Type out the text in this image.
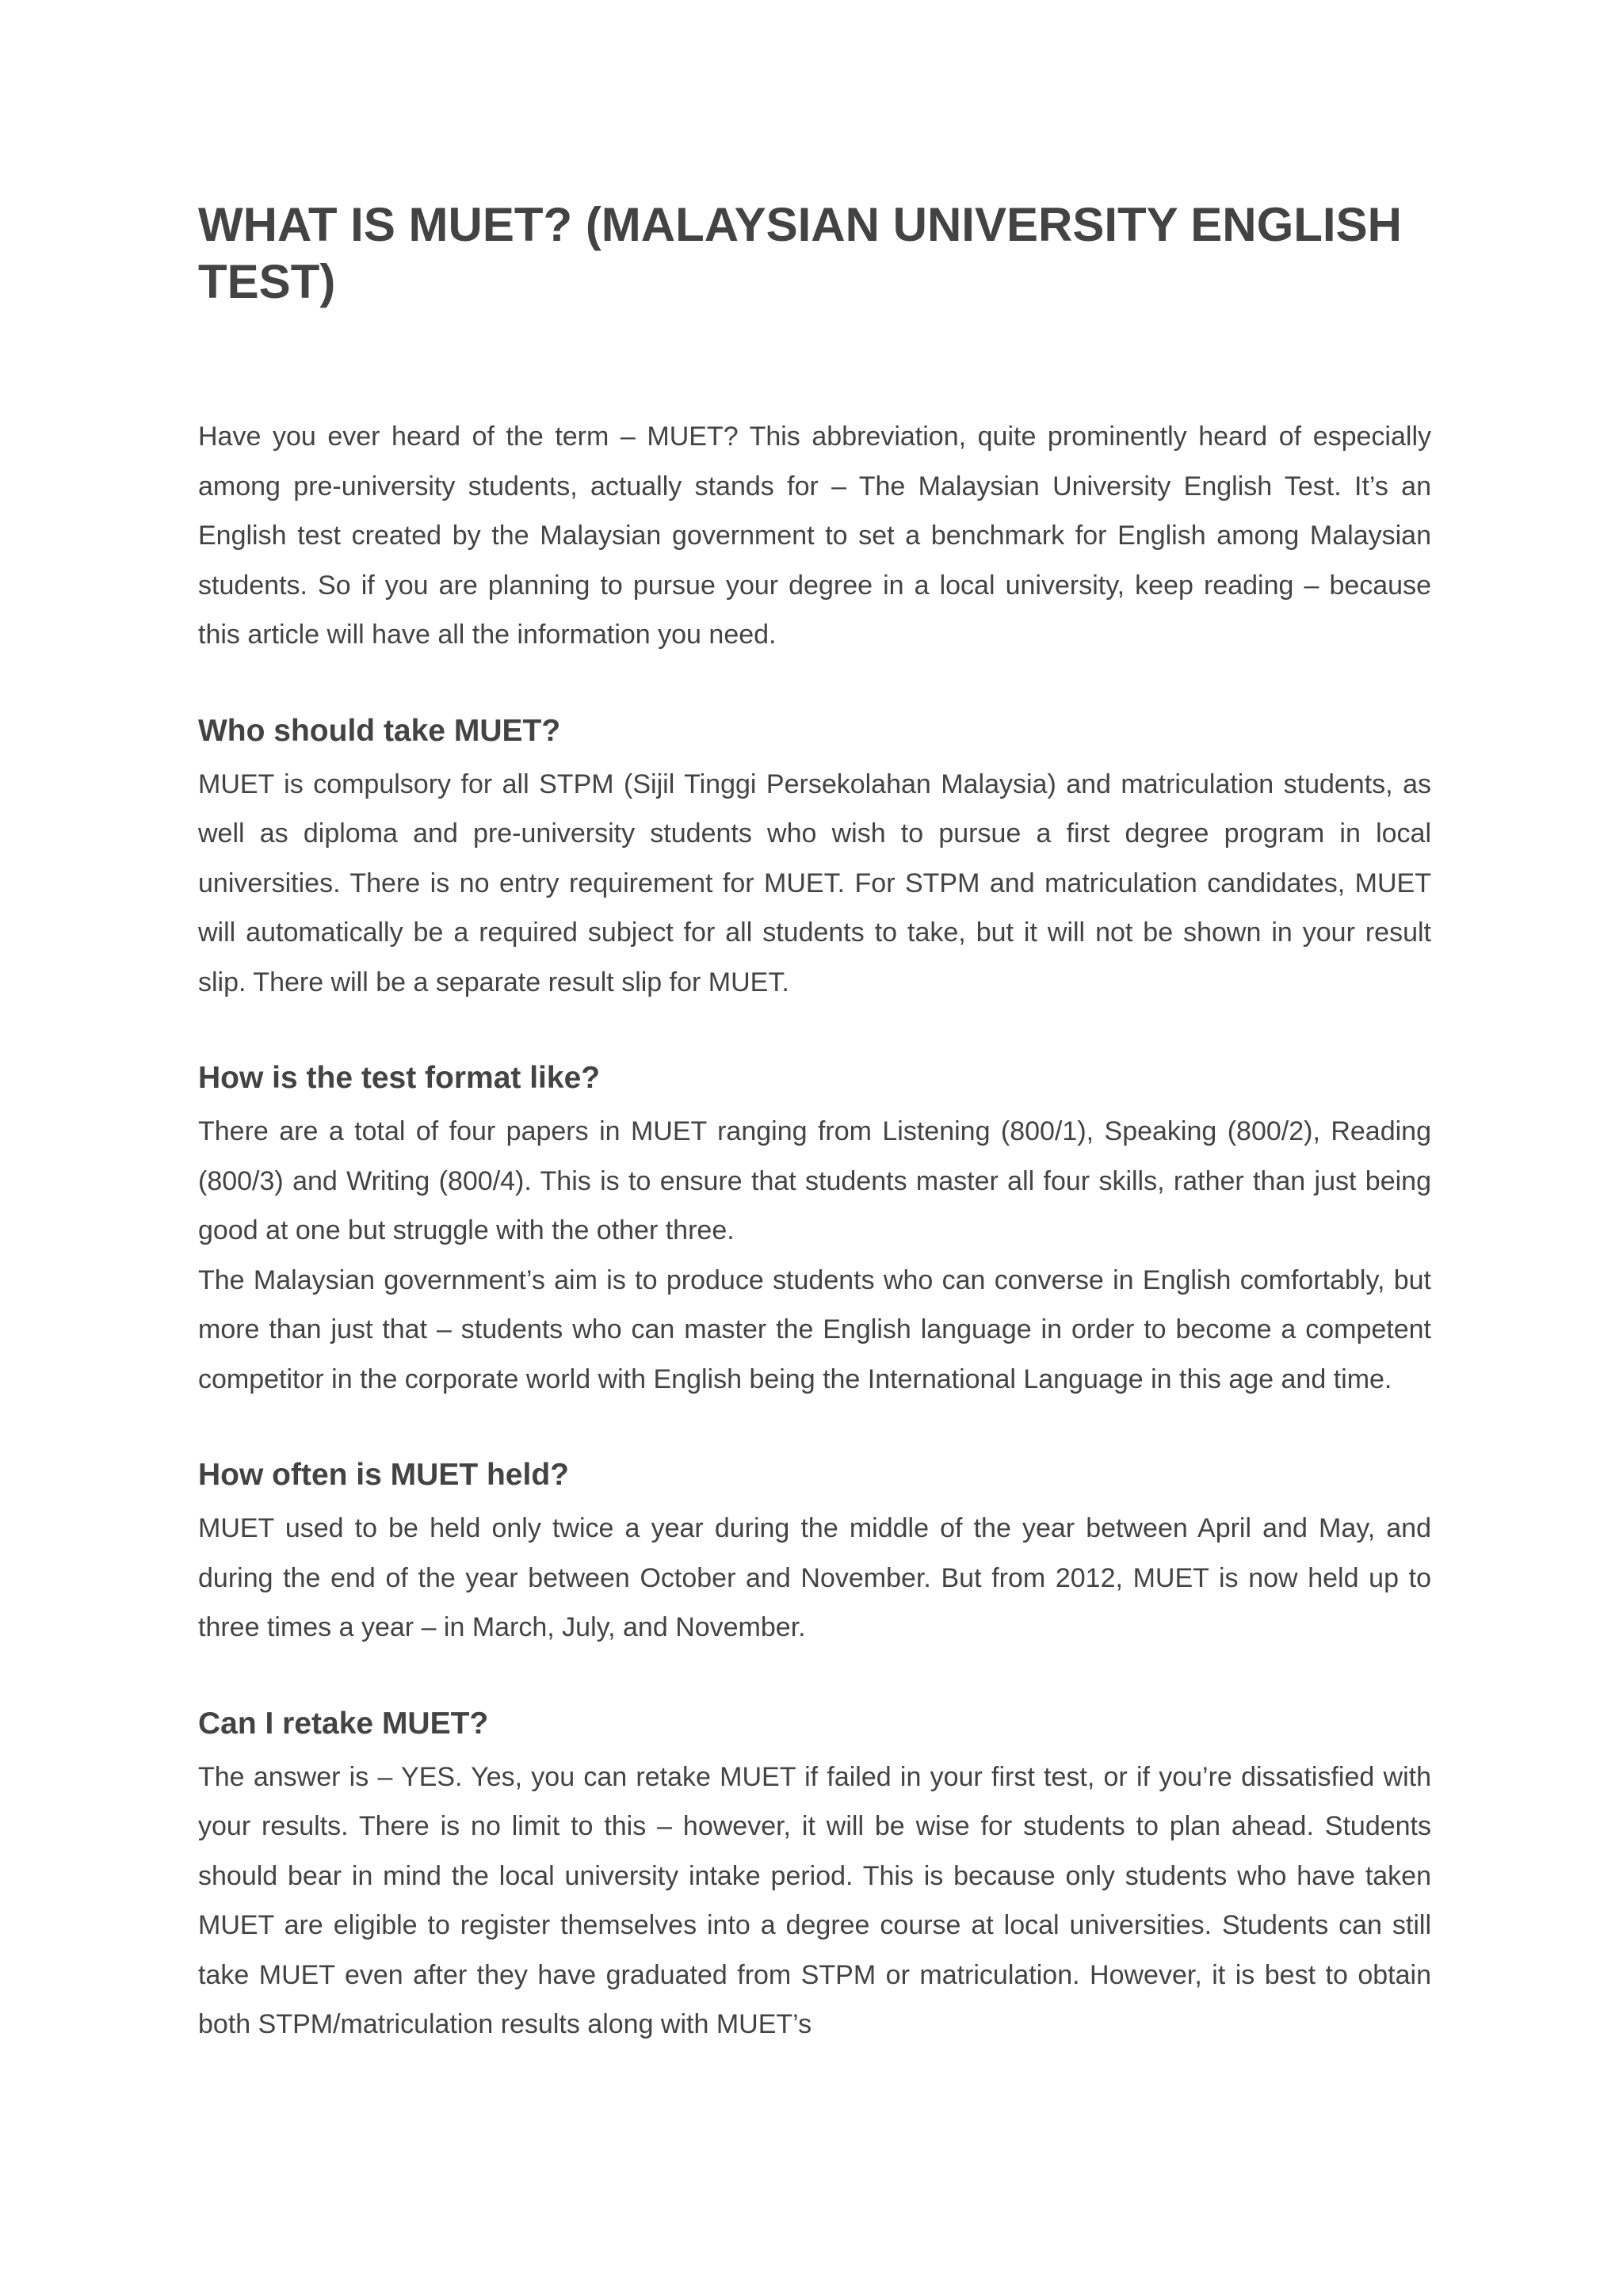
WHAT IS MUET? (MALAYSIAN UNIVERSITY ENGLISH TEST)

Have you ever heard of the term – MUET? This abbreviation, quite prominently heard of especially among pre-university students, actually stands for – The Malaysian University English Test. It’s an English test created by the Malaysian government to set a benchmark for English among Malaysian students. So if you are planning to pursue your degree in a local university, keep reading – because this article will have all the information you need.

Who should take MUET?

MUET is compulsory for all STPM (Sijil Tinggi Persekolahan Malaysia) and matriculation students, as well as diploma and pre-university students who wish to pursue a first degree program in local universities. There is no entry requirement for MUET. For STPM and matriculation candidates, MUET will automatically be a required subject for all students to take, but it will not be shown in your result slip. There will be a separate result slip for MUET.

How is the test format like?

There are a total of four papers in MUET ranging from Listening (800/1), Speaking (800/2), Reading (800/3) and Writing (800/4). This is to ensure that students master all four skills, rather than just being good at one but struggle with the other three.

The Malaysian government’s aim is to produce students who can converse in English comfortably, but more than just that – students who can master the English language in order to become a competent competitor in the corporate world with English being the International Language in this age and time.

How often is MUET held?

MUET used to be held only twice a year during the middle of the year between April and May, and during the end of the year between October and November. But from 2012, MUET is now held up to three times a year – in March, July, and November.

Can I retake MUET?

The answer is – YES. Yes, you can retake MUET if failed in your first test, or if you’re dissatisfied with your results. There is no limit to this – however, it will be wise for students to plan ahead. Students should bear in mind the local university intake period. This is because only students who have taken MUET are eligible to register themselves into a degree course at local universities. Students can still take MUET even after they have graduated from STPM or matriculation. However, it is best to obtain both STPM/matriculation results along with MUET’s
